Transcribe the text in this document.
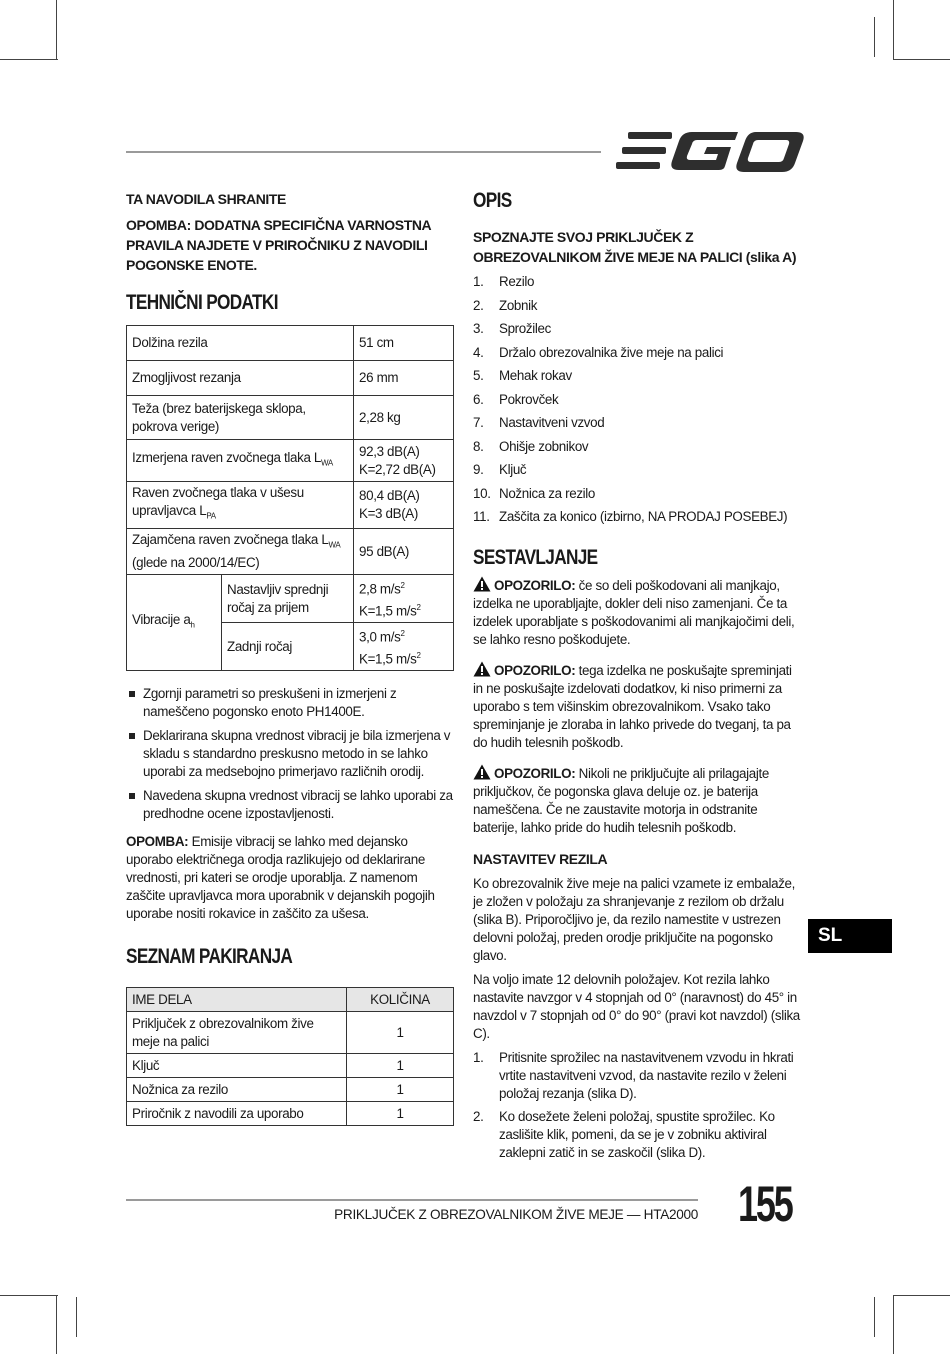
TA NAVODILA SHRANITE

OPOMBA: DODATNA SPECIFIČNA VARNOSTNA PRAVILA NAJDETE V PRIROČNIKU Z NAVODILI POGONSKE ENOTE.

TEHNIČNI PODATKI
Dolžina rezila		51 cm
Zmogljivost rezanja		26 mm
Teža (brez baterijskega sklopa, pokrova verige)		2,28 kg
Izmerjena raven zvočnega tlaka $L_{WA}$		92,3 dB(A)
K=2,72 dB(A)

Raven zvočnega tlaka v ušesu upravljavca $L_{PA}$		80,4 dB(A)
K=3 dB(A)

Zajamčena raven zvočnega tlaka $L_{WA}$
(glede na 2000/14/EC)		95 dB(A)
Vibracije $a_h$	Nastavljiv sprednji ročaj za prijem	2,8 $m/s^2$
K=1,5 $m/s^2$

	Zadnji ročaj	3,0 $m/s^2$
K=1,5 $m/s^2$
Zgornji parametri so preskušeni in izmerjeni z nameščeno pogonsko enoto PH1400E.
Deklarirana skupna vrednost vibracij je bila izmerjena v skladu s standardno preskusno metodo in se lahko uporabi za medsebojno primerjavo različnih orodij.
Navedena skupna vrednost vibracij se lahko uporabi za predhodne ocene izpostavljenosti.

OPOMBA: Emisije vibracij se lahko med dejansko uporabo električnega orodja razlikujejo od deklarirane vrednosti, pri kateri se orodje uporablja. Z namenom zaščite upravljavca mora uporabnik v dejanskih pogojih uporabe nositi rokavice in zaščito za ušesa.

SEZNAM PAKIRANJA
IME DELA	KOLIČINA
Priključek z obrezovalnikom žive meje na palici	1
Ključ	1
Nožnica za rezilo	1
Priročnik z navodili za uporabo	1
OPIS

SPOZNAJTE SVOJ PRIKLJUČEK Z OBREZOVALNIKOM ŽIVE MEJE NA PALICI (slika A)

1.	Rezilo
2.	Zobnik
3.	Sprožilec
4.	Držalo obrezovalnika žive meje na palici
5.	Mehak rokav
6.	Pokrovček
7.	Nastavitveni vzvod
8.	Ohišje zobnikov
9.	Ključ
10. Nožnica za rezilo
11. Zaščita za konico (izbirno, NA PRODAJ POSEBEJ)
SESTAVLJANJE

OPOZORILO: če so deli poškodovani ali manjkajo, izdelka ne uporabljajte, dokler deli niso zamenjani. Če ta izdelek uporabljate s poškodovanimi ali manjkajočimi deli, se lahko resno poškodujete.

OPOZORILO: tega izdelka ne poskušajte spreminjati in ne poskušajte izdelovati dodatkov, ki niso primerni za uporabo s tem višinskim obrezovalnikom. Vsako tako spreminjanje je zloraba in lahko privede do tveganj, ta pa do hudih telesnih poškodb.

OPOZORILO: Nikoli ne priključujte ali prilagajajte priključkov, če pogonska glava deluje oz. je baterija nameščena. Če ne zaustavite motorja in odstranite baterije, lahko pride do hudih telesnih poškodb.

NASTAVITEV REZILA

Ko obrezovalnik žive meje na palici vzamete iz embalaže, je zložen v položaju za shranjevanje z rezilom ob držalu (slika B). Priporočljivo je, da rezilo namestite v ustrezen delovni položaj, preden orodje priključite na pogonsko glavo.

Na voljo imate 12 delovnih položajev. Kot rezila lahko nastavite navzgor v 4 stopnjah od 0° (naravnost) do 45° in navzdol v 7 stopnjah od 0° do 90° (pravi kot navzdol) (slika C).

1.	Pritisnite sprožilec na nastavitvenem vzvodu in hkrati vrtite nastavitveni vzvod, da nastavite rezilo v želeni položaj rezanja (slika D).
2.	Ko dosežete želeni položaj, spustite sprožilec. Ko zaslišite klik, pomeni, da se je v zobniku aktiviral zaklepni zatič in se zaskočil (slika D).
SL
PRIKLJUČEK Z OBREZOVALNIKOM ŽIVE MEJE — HTA2000 155
